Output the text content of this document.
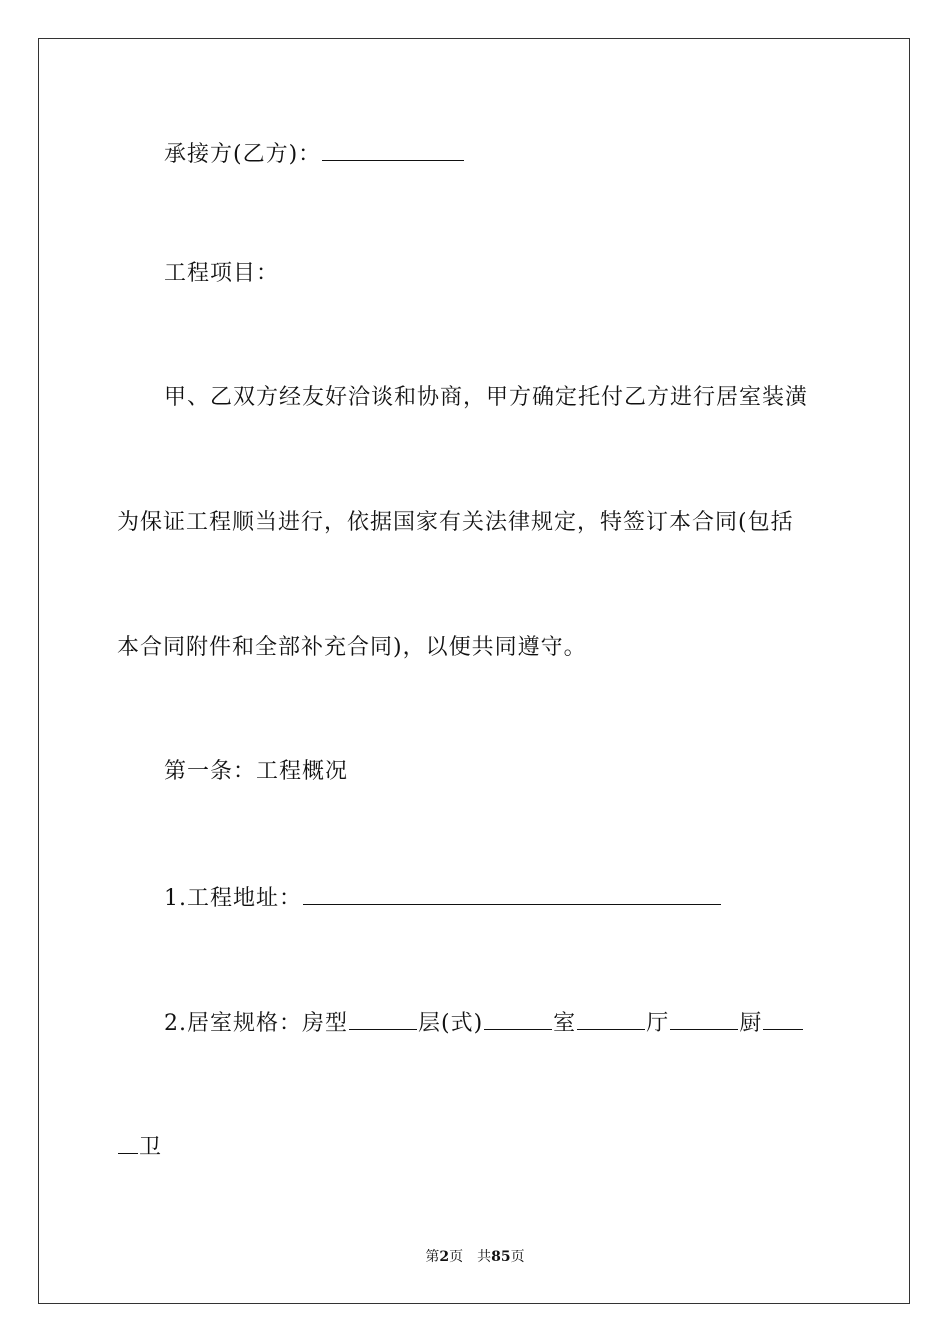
承接方(乙方)：
工程项目：
甲、乙双方经友好洽谈和协商，甲方确定托付乙方进行居室装潢
为保证工程顺当进行，依据国家有关法律规定，特签订本合同(包括
本合同附件和全部补充合同)，以便共同遵守。
第一条：工程概况
1.工程地址：
2.居室规格：房型	层(式)	室	厅	厨
卫
第2页 共85页
